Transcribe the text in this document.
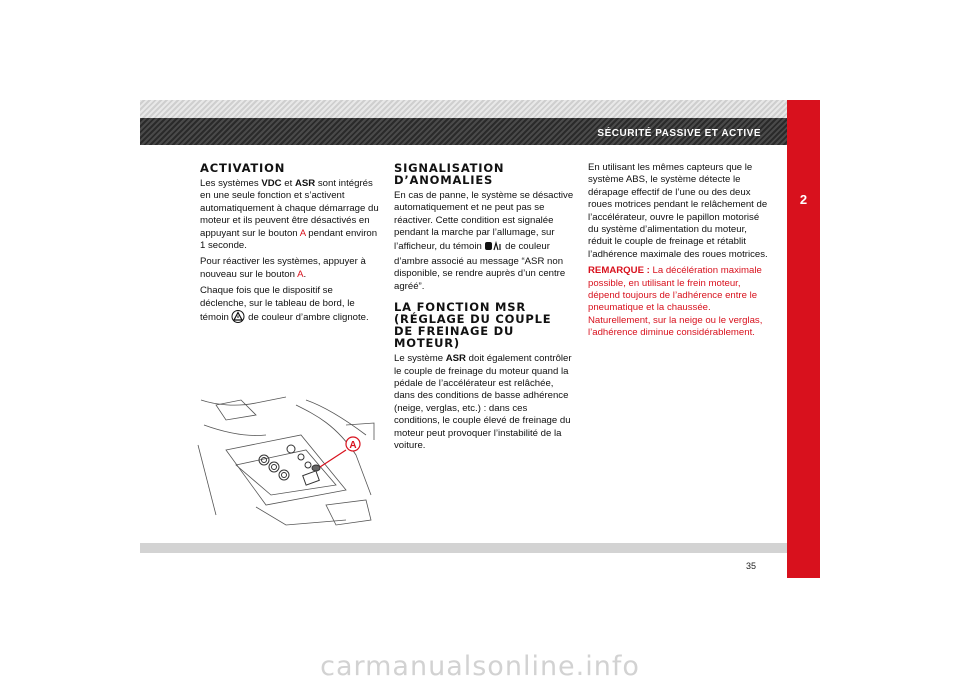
SÉCURITÉ PASSIVE ET ACTIVE
2
ACTIVATION

Les systèmes VDC et ASR sont intégrés en une seule fonction et s’activent automatiquement à chaque démarrage du moteur et ils peuvent être désactivés en appuyant sur le bouton A pendant environ 1 seconde.

Pour réactiver les systèmes, appuyer à nouveau sur le bouton A.

Chaque fois que le dispositif se déclenche, sur le tableau de bord, le témoin  de couleur d’ambre clignote.

A
SIGNALISATION
D’ANOMALIES

En cas de panne, le système se désactive automatiquement et ne peut pas se réactiver. Cette condition est signalée pendant la marche par l’allumage, sur l’afficheur, du témoin  de couleur d’ambre associé au message “ASR non disponible, se rendre auprès d’un centre agréé”.

LA FONCTION MSR
(RÉGLAGE DU COUPLE
DE FREINAGE DU
MOTEUR)

Le système ASR doit également contrôler le couple de freinage du moteur quand la pédale de l’accélérateur est relâchée, dans des conditions de basse adhérence (neige, verglas, etc.) : dans ces conditions, le couple élevé de freinage du moteur peut provoquer l’instabilité de la voiture.

En utilisant les mêmes capteurs que le système ABS, le système détecte le dérapage effectif de l’une ou des deux roues motrices pendant le relâchement de l’accélérateur, ouvre le papillon motorisé du système d’alimentation du moteur, réduit le couple de freinage et rétablit l’adhérence maximale des roues motrices.

REMARQUE : La décélération maximale possible, en utilisant le frein moteur, dépend toujours de l’adhérence entre le pneumatique et la chaussée. Naturellement, sur la neige ou le verglas, l’adhérence diminue considérablement.

35
carmanualsonline.info
